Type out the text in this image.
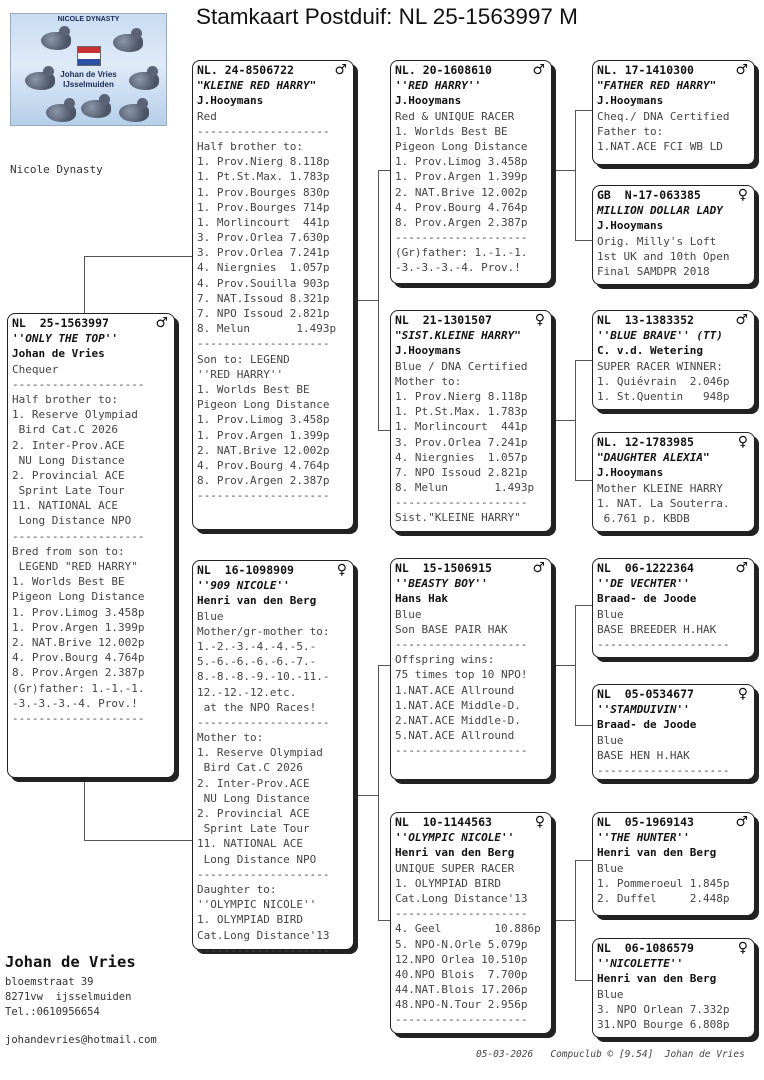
Stamkaart Postduif: NL 25-1563997 M
NICOLE DYNASTY
Johan de Vries
IJsselmuiden
Nicole Dynasty
NL  25-1563997	♂
''ONLY THE TOP''
Johan de Vries
Chequer
--------------------
Half brother to:
1. Reserve Olympiad
Bird Cat.C 2026
2. Inter-Prov.ACE
NU Long Distance
2. Provincial ACE
Sprint Late Tour
11. NATIONAL ACE
Long Distance NPO
--------------------
Bred from son to:
LEGEND "RED HARRY"
1. Worlds Best BE
Pigeon Long Distance
1. Prov.Limog 3.458p
1. Prov.Argen 1.399p
2. NAT.Brive 12.002p
4. Prov.Bourg 4.764p
8. Prov.Argen 2.387p
(Gr)father: 1.-1.-1.
-3.-3.-3.-4. Prov.!
--------------------
NL. 24-8506722	♂
"KLEINE RED HARRY"
J.Hooymans
Red
--------------------
Half brother to:
1. Prov.Nierg 8.118p
1. Pt.St.Max. 1.783p
1. Prov.Bourges 830p
1. Prov.Bourges 714p
1. Morlincourt  441p
3. Prov.Orlea 7.630p
3. Prov.Orlea 7.241p
4. Niergnies  1.057p
4. Prov.Souilla 903p
7. NAT.Issoud 8.321p
7. NPO Issoud 2.821p
8. Melun       1.493p
--------------------
Son to: LEGEND
''RED HARRY''
1. Worlds Best BE
Pigeon Long Distance
1. Prov.Limog 3.458p
1. Prov.Argen 1.399p
2. NAT.Brive 12.002p
4. Prov.Bourg 4.764p
8. Prov.Argen 2.387p
--------------------
NL  16-1098909	♀
''909 NICOLE''
Henri van den Berg
Blue
Mother/gr-mother to:
1.-2.-3.-4.-4.-5.-
5.-6.-6.-6.-6.-7.-
8.-8.-8.-9.-10.-11.-
12.-12.-12.etc.
at the NPO Races!
--------------------
Mother to:
1. Reserve Olympiad
Bird Cat.C 2026
2. Inter-Prov.ACE
NU Long Distance
2. Provincial ACE
Sprint Late Tour
11. NATIONAL ACE
Long Distance NPO
--------------------
Daughter to:
''OLYMPIC NICOLE''
1. OLYMPIAD BIRD
Cat.Long Distance'13
--------------------
NL. 20-1608610	♂
''RED HARRY''
J.Hooymans
Red & UNIQUE RACER
1. Worlds Best BE
Pigeon Long Distance
1. Prov.Limog 3.458p
1. Prov.Argen 1.399p
2. NAT.Brive 12.002p
4. Prov.Bourg 4.764p
8. Prov.Argen 2.387p
--------------------
(Gr)father: 1.-1.-1.
-3.-3.-3.-4. Prov.!
NL  21-1301507	♀
"SIST.KLEINE HARRY"
J.Hooymans
Blue / DNA Certified
Mother to:
1. Prov.Nierg 8.118p
1. Pt.St.Max. 1.783p
1. Morlincourt  441p
3. Prov.Orlea 7.241p
4. Niergnies  1.057p
7. NPO Issoud 2.821p
8. Melun       1.493p
--------------------
Sist."KLEINE HARRY"
NL  15-1506915	♂
''BEASTY BOY''
Hans Hak
Blue
Son BASE PAIR HAK
--------------------
Offspring wins:
75 times top 10 NPO!
1.NAT.ACE Allround
1.NAT.ACE Middle-D.
2.NAT.ACE Middle-D.
5.NAT.ACE Allround
--------------------
NL  10-1144563	♀
''OLYMPIC NICOLE''
Henri van den Berg
UNIQUE SUPER RACER
1. OLYMPIAD BIRD
Cat.Long Distance'13
--------------------
4. Geel        10.886p
5. NPO-N.Orle 5.079p
12.NPO Orlea 10.510p
40.NPO Blois  7.700p
44.NAT.Blois 17.206p
48.NPO-N.Tour 2.956p
--------------------
NL. 17-1410300	♂
"FATHER RED HARRY"
J.Hooymans
Cheq./ DNA Certified
Father to:
1.NAT.ACE FCI WB LD
GB  N-17-063385	♀
MILLION DOLLAR LADY
J.Hooymans
Orig. Milly's Loft
1st UK and 10th Open
Final SAMDPR 2018
NL  13-1383352	♂
''BLUE BRAVE'' (TT)
C. v.d. Wetering
SUPER RACER WINNER:
1. Quiévrain  2.046p
1. St.Quentin   948p
NL. 12-1783985	♀
"DAUGHTER ALEXIA"
J.Hooymans
Mother KLEINE HARRY
1. NAT. La Souterra.
6.761 p. KBDB
NL  06-1222364	♂
''DE VECHTER''
Braad- de Joode
Blue
BASE BREEDER H.HAK
--------------------
NL  05-0534677	♀
''STAMDUIVIN''
Braad- de Joode
Blue
BASE HEN H.HAK
--------------------
NL  05-1969143	♂
''THE HUNTER''
Henri van den Berg
Blue
1. Pommeroeul 1.845p
2. Duffel     2.448p
NL  06-1086579	♀
''NICOLETTE''
Henri van den Berg
Blue
3. NPO Orlean 7.332p
31.NPO Bourge 6.808p
Johan de Vries
bloemstraat 39
8271vw  ijsselmuiden
Tel.:0610956654
johandevries@hotmail.com
05-03-2026   Compuclub © [9.54]  Johan de Vries
